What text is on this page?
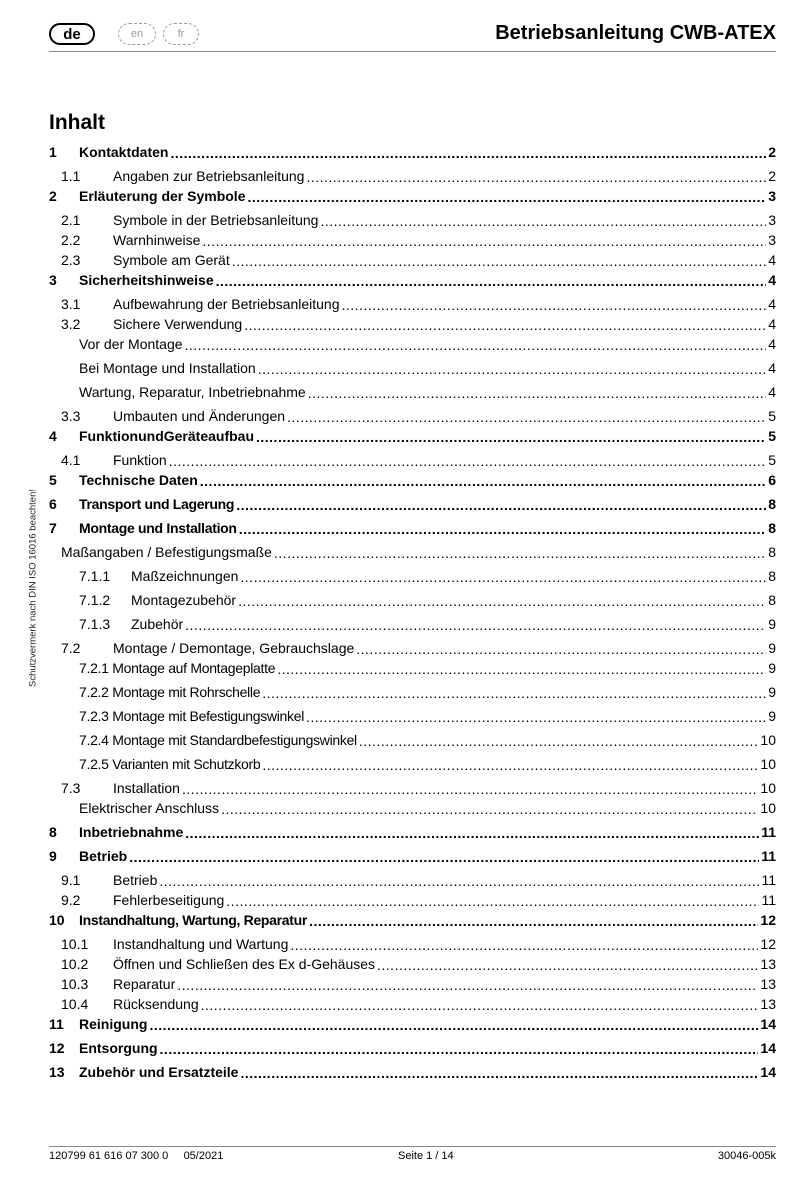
de	en	fr	Betriebsanleitung CWB-ATEX
Inhalt
1	Kontaktdaten .....	2
1.1	Angaben zur Betriebsanleitung .....	2
2	Erläuterung der Symbole .....	3
2.1	Symbole in der Betriebsanleitung .....	3
2.2	Warnhinweise .....	3
2.3	Symbole am Gerät .....	4
3	Sicherheitshinweise .....	4
3.1	Aufbewahrung der Betriebsanleitung .....	4
3.2	Sichere Verwendung .....	4
Vor der Montage .....	4
Bei Montage und Installation .....	4
Wartung, Reparatur, Inbetriebnahme .....	4
3.3	Umbauten und Änderungen .....	5
4	FunktionundGeräteaufbau .....	5
4.1	Funktion .....	5
5	Technische Daten .....	6
6	Transport und Lagerung .....	8
7	Montage und Installation .....	8
Maßangaben / Befestigungsmaße .....	8
7.1.1	Maßzeichnungen .....	8
7.1.2	Montagezubehör .....	8
7.1.3	Zubehör .....	9
7.2	Montage / Demontage, Gebrauchslage .....	9
7.2.1 Montage auf Montageplatte .....	9
7.2.2 Montage mit Rohrschelle .....	9
7.2.3 Montage mit Befestigungswinkel .....	9
7.2.4 Montage mit Standardbefestigungswinkel .....	10
7.2.5 Varianten mit Schutzkorb .....	10
7.3	Installation .....	10
Elektrischer Anschluss .....	10
8	Inbetriebnahme .....	11
9	Betrieb .....	11
9.1	Betrieb .....	11
9.2	Fehlerbeseitigung .....	11
10	Instandhaltung, Wartung, Reparatur .....	12
10.1	Instandhaltung und Wartung .....	12
10.2	Öffnen und Schließen des Ex d-Gehäuses .....	13
10.3	Reparatur .....	13
10.4	Rücksendung .....	13
11	Reinigung .....	14
12	Entsorgung .....	14
13	Zubehör und Ersatzteile .....	14
Schutzvermerk nach DIN ISO 16016 beachten!
120799 61 616 07 300 0 05/2021	Seite 1 / 14	30046-005k
